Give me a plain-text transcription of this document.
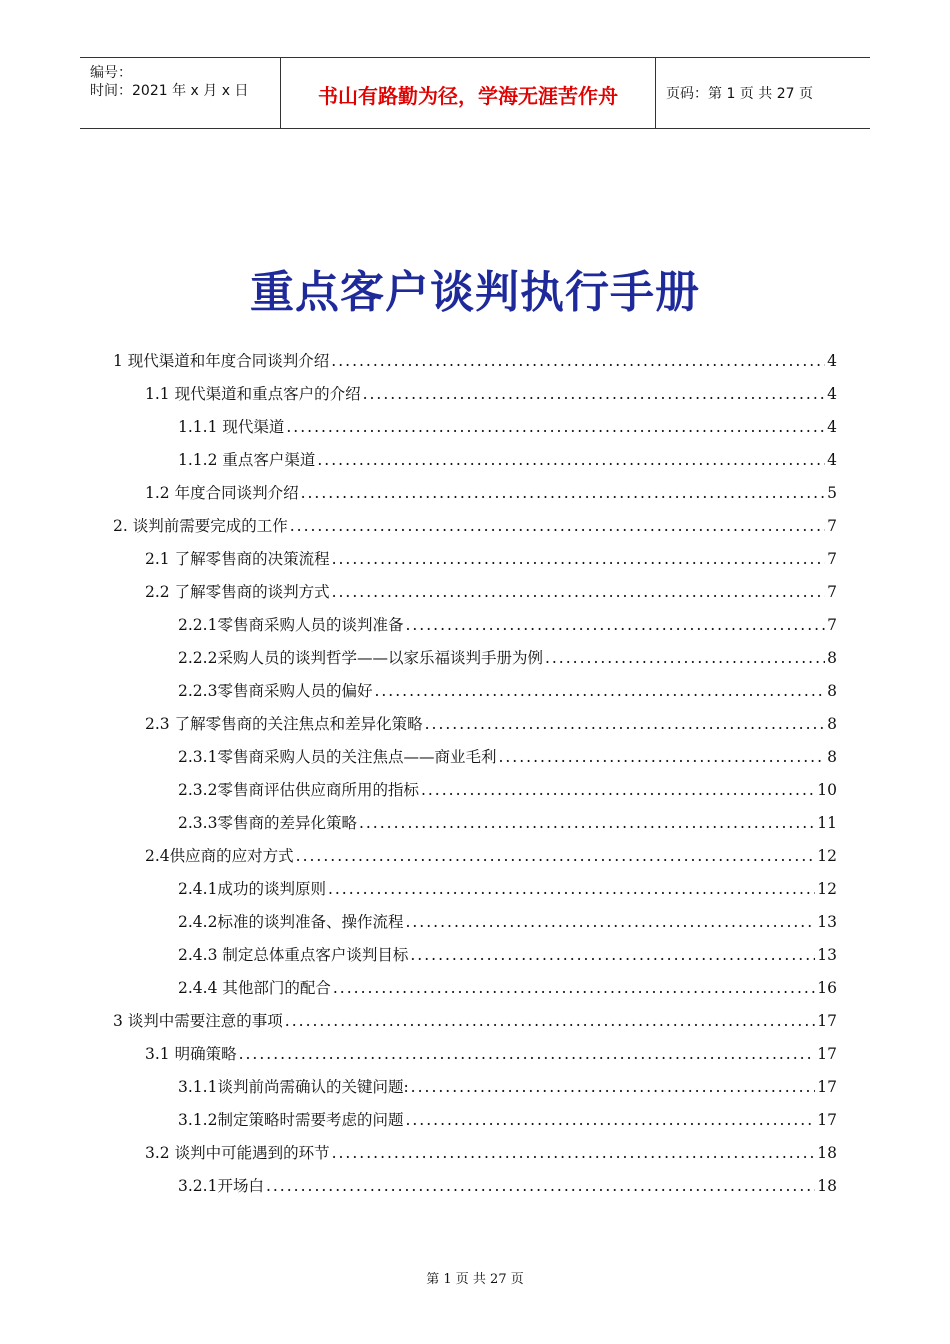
编号：
时间：2021 年 x 月 x 日	书山有路勤为径，学海无涯苦作舟	页码：第 1 页 共 27 页
重点客户谈判执行手册
1 现代渠道和年度合同谈判介绍 .....	4
1.1 现代渠道和重点客户的介绍 .....	4
1.1.1 现代渠道 .....	4
1.1.2 重点客户渠道 .....	4
1.2 年度合同谈判介绍 .....	5
2. 谈判前需要完成的工作 .....	7
2.1 了解零售商的决策流程 .....	7
2.2 了解零售商的谈判方式 .....	7
2.2.1零售商采购人员的谈判准备 .....	7
2.2.2采购人员的谈判哲学——以家乐福谈判手册为例 .....	8
2.2.3零售商采购人员的偏好 .....	8
2.3 了解零售商的关注焦点和差异化策略 .....	8
2.3.1零售商采购人员的关注焦点——商业毛利 .....	8
2.3.2零售商评估供应商所用的指标 .....	10
2.3.3零售商的差异化策略 .....	11
2.4供应商的应对方式 .....	12
2.4.1成功的谈判原则 .....	12
2.4.2标准的谈判准备、操作流程 .....	13
2.4.3 制定总体重点客户谈判目标 .....	13
2.4.4 其他部门的配合 .....	16
3 谈判中需要注意的事项 .....	17
3.1 明确策略 .....	17
3.1.1谈判前尚需确认的关键问题: .....	17
3.1.2制定策略时需要考虑的问题 .....	17
3.2 谈判中可能遇到的环节 .....	18
3.2.1开场白 .....	18
第 1 页 共 27 页
